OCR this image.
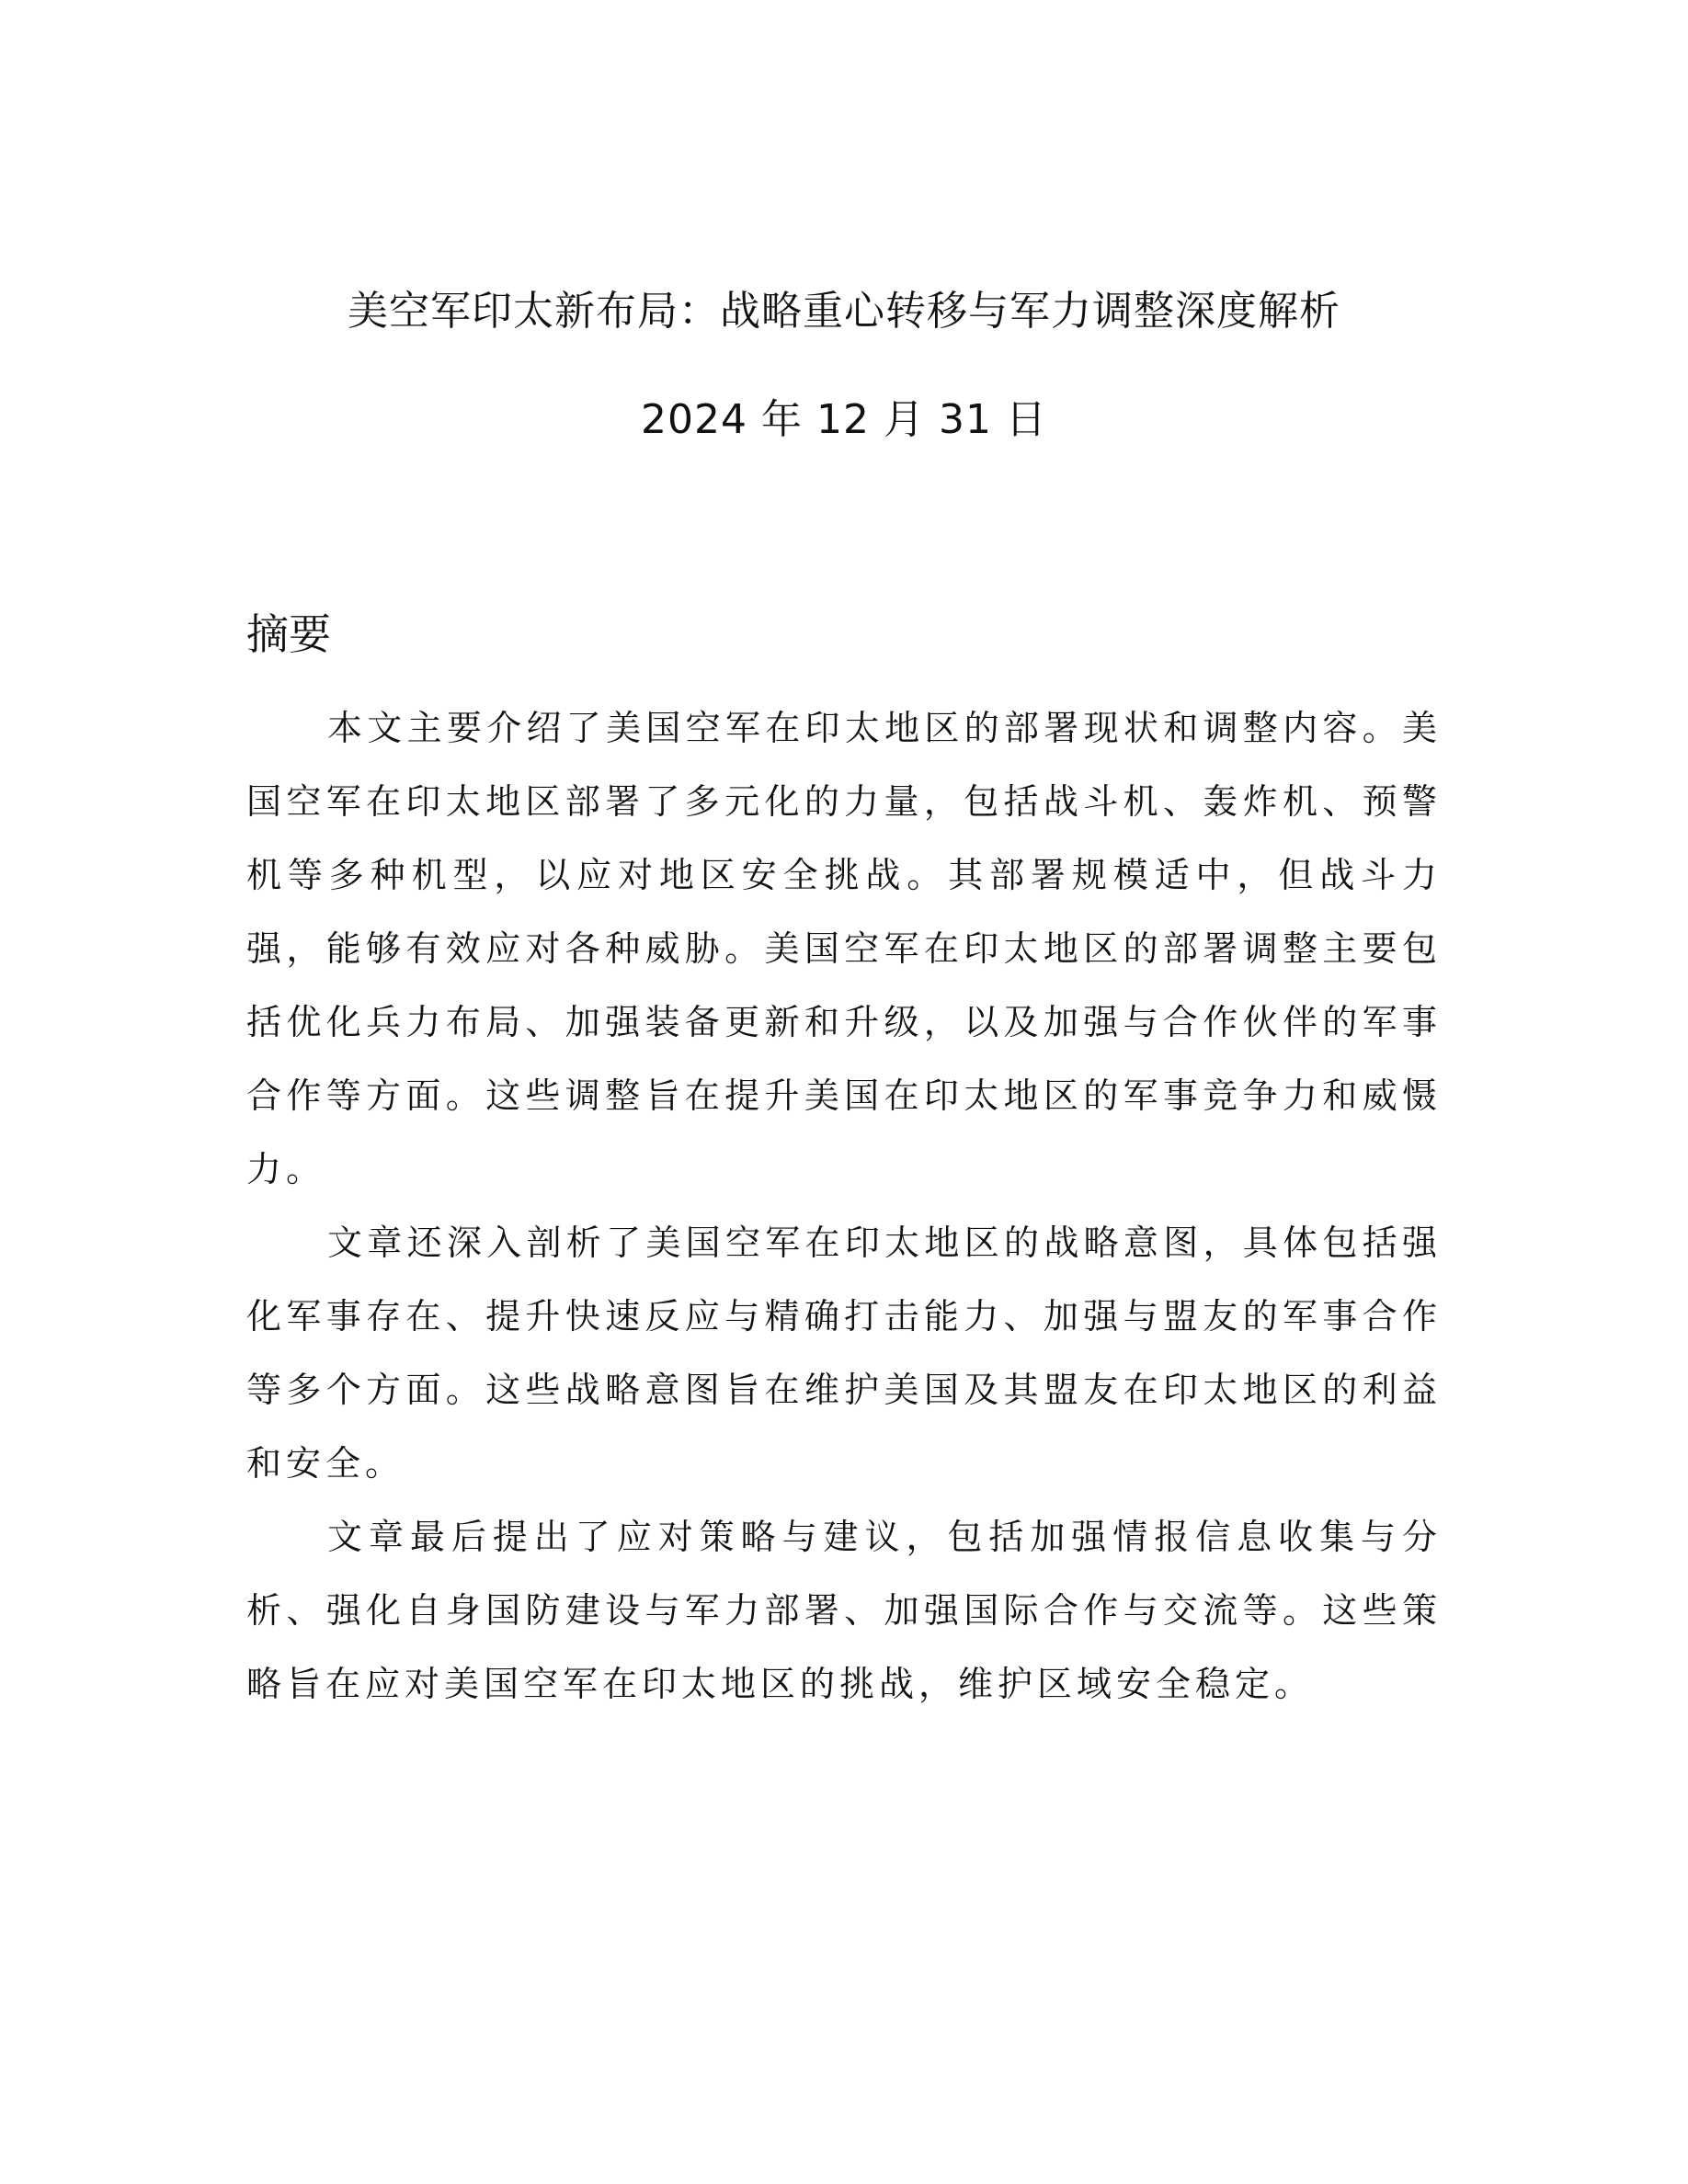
美空军印太新布局：战略重心转移与军力调整深度解析
2024 年 12 月 31 日
摘要

本文主要介绍了美国空军在印太地区的部署现状和调整内容。美国空军在印太地区部署了多元化的力量，包括战斗机、轰炸机、预警机等多种机型，以应对地区安全挑战。其部署规模适中，但战斗力强，能够有效应对各种威胁。美国空军在印太地区的部署调整主要包括优化兵力布局、加强装备更新和升级，以及加强与合作伙伴的军事合作等方面。这些调整旨在提升美国在印太地区的军事竞争力和威慑力。

文章还深入剖析了美国空军在印太地区的战略意图，具体包括强化军事存在、提升快速反应与精确打击能力、加强与盟友的军事合作等多个方面。这些战略意图旨在维护美国及其盟友在印太地区的利益和安全。

文章最后提出了应对策略与建议，包括加强情报信息收集与分析、强化自身国防建设与军力部署、加强国际合作与交流等。这些策略旨在应对美国空军在印太地区的挑战，维护区域安全稳定。
